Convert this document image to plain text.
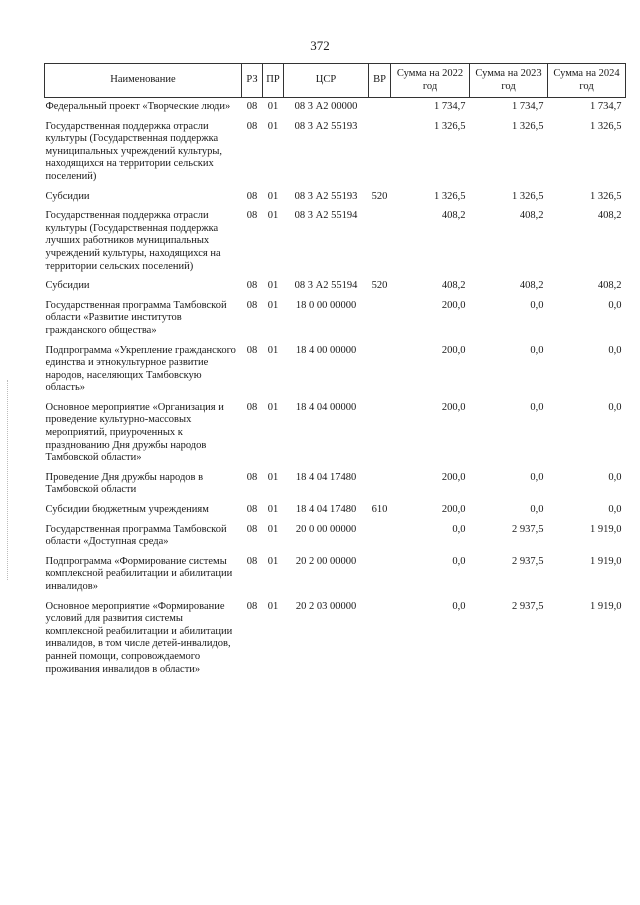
372
Наименование	РЗ	ПР	ЦСР	ВР	Сумма на 2022 год	Сумма на 2023 год	Сумма на 2024 год
Федеральный проект «Творческие люди»	08	01	08 3 А2 00000		1 734,7	1 734,7	1 734,7
Государственная поддержка отрасли культуры (Государственная поддержка муниципальных учреждений культуры, находящихся на территории сельских поселений)	08	01	08 3 А2 55193		1 326,5	1 326,5	1 326,5
Субсидии	08	01	08 3 А2 55193	520	1 326,5	1 326,5	1 326,5
Государственная поддержка отрасли культуры (Государственная поддержка лучших работников муниципальных учреждений культуры, находящихся на территории сельских поселений)	08	01	08 3 А2 55194		408,2	408,2	408,2
Субсидии	08	01	08 3 А2 55194	520	408,2	408,2	408,2
Государственная программа Тамбовской области «Развитие институтов гражданского общества»	08	01	18 0 00 00000		200,0	0,0	0,0
Подпрограмма «Укрепление гражданского единства и этнокультурное развитие народов, населяющих Тамбовскую область»	08	01	18 4 00 00000		200,0	0,0	0,0
Основное мероприятие «Организация и проведение культурно-массовых мероприятий, приуроченных к празднованию Дня дружбы народов Тамбовской области»	08	01	18 4 04 00000		200,0	0,0	0,0
Проведение Дня дружбы народов в Тамбовской области	08	01	18 4 04 17480		200,0	0,0	0,0
Субсидии бюджетным учреждениям	08	01	18 4 04 17480	610	200,0	0,0	0,0
Государственная программа Тамбовской области «Доступная среда»	08	01	20 0 00 00000		0,0	2 937,5	1 919,0
Подпрограмма «Формирование системы комплексной реабилитации и абилитации инвалидов»	08	01	20 2 00 00000		0,0	2 937,5	1 919,0
Основное мероприятие «Формирование условий для развития системы комплексной реабилитации и абилитации инвалидов, в том числе детей-инвалидов, ранней помощи, сопровождаемого проживания инвалидов в области»	08	01	20 2 03 00000		0,0	2 937,5	1 919,0
